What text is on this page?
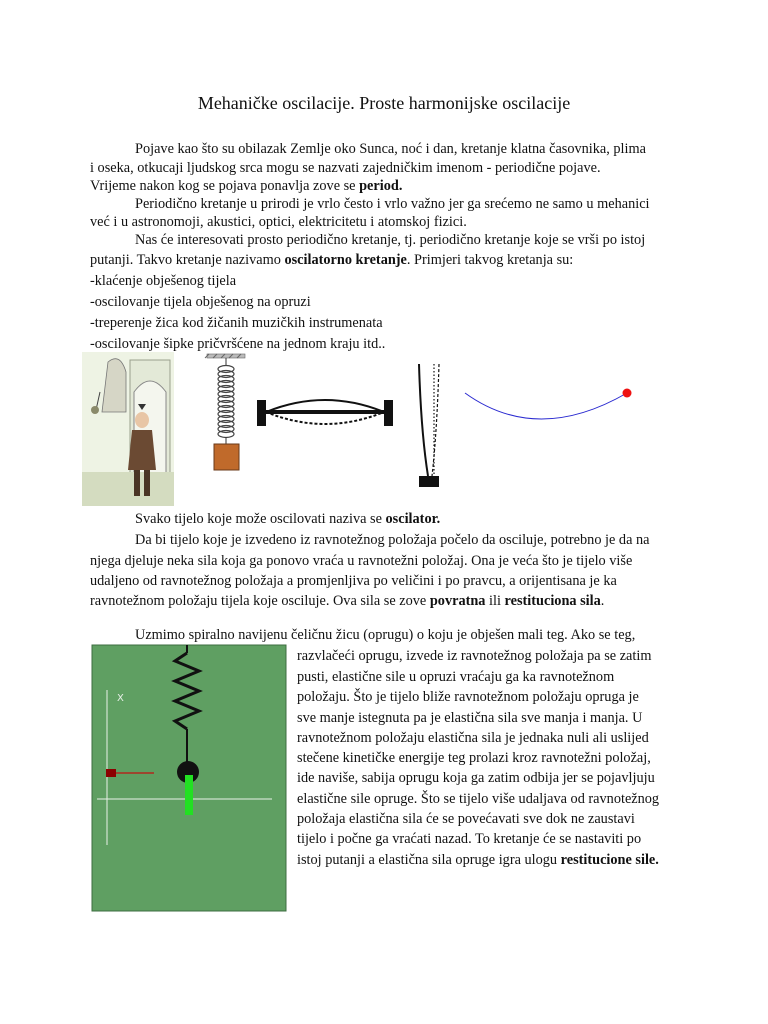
Mehaničke oscilacije. Proste harmonijske oscilacije
Pojave kao što su obilazak Zemlje oko Sunca, noć i dan, kretanje klatna časovnika, plima
i oseka, otkucaji ljudskog srca mogu se nazvati zajedničkim imenom - periodične pojave.
Vrijeme nakon kog se pojava ponavlja zove se period.
Periodično kretanje u prirodi je vrlo često i vrlo važno jer ga srećemo ne samo u mehanici
već i u astronomoji, akustici, optici, elektricitetu i atomskoj fizici.
Nas će interesovati prosto periodično kretanje, tj. periodično kretanje koje se vrši po istoj
putanji. Takvo kretanje nazivamo oscilatorno kretanje. Primjeri takvog kretanja su:
-klaćenje obješenog tijela
-oscilovanje tijela obješenog na opruzi
-treperenje žica kod žičanih muzičkih instrumenata
-oscilovanje šipke pričvršćene na jednom kraju itd..
Svako tijelo koje može oscilovati naziva se oscilator.
Da bi tijelo koje je izvedeno iz ravnotežnog položaja počelo da osciluje, potrebno je da na
njega djeluje neka sila koja ga ponovo vraća u ravnotežni položaj. Ona je veća što je tijelo više
udaljeno od ravnotežnog položaja a promjenljiva po veličini i po pravcu, a orijentisana je ka
ravnotežnom položaju tijela koje osciluje. Ova sila se zove povratna ili restituciona sila.
Uzmimo spiralno navijenu čeličnu žicu (oprugu) o koju je obješen mali teg. Ako se teg,
razvlačeći oprugu, izvede iz ravnotežnog položaja pa se zatim
pusti, elastične sile u opruzi vraćaju ga ka ravnotežnom
položaju. Što je tijelo bliže ravnotežnom položaju opruga je
sve manje istegnuta pa je elastična sila sve manja i manja. U
ravnotežnom položaju elastična sila je jednaka nuli ali uslijed
stečene kinetičke energije teg prolazi kroz ravnotežni položaj,
ide naviše, sabija oprugu koja ga zatim odbija jer se pojavljuju
elastične sile opruge. Što se tijelo više udaljava od ravnotežnog
položaja elastična sila će se povećavati sve dok ne zaustavi
tijelo i počne ga vraćati nazad. To kretanje će se nastaviti po
istoj putanji a elastična sila opruge igra ulogu restitucione sile.
X
